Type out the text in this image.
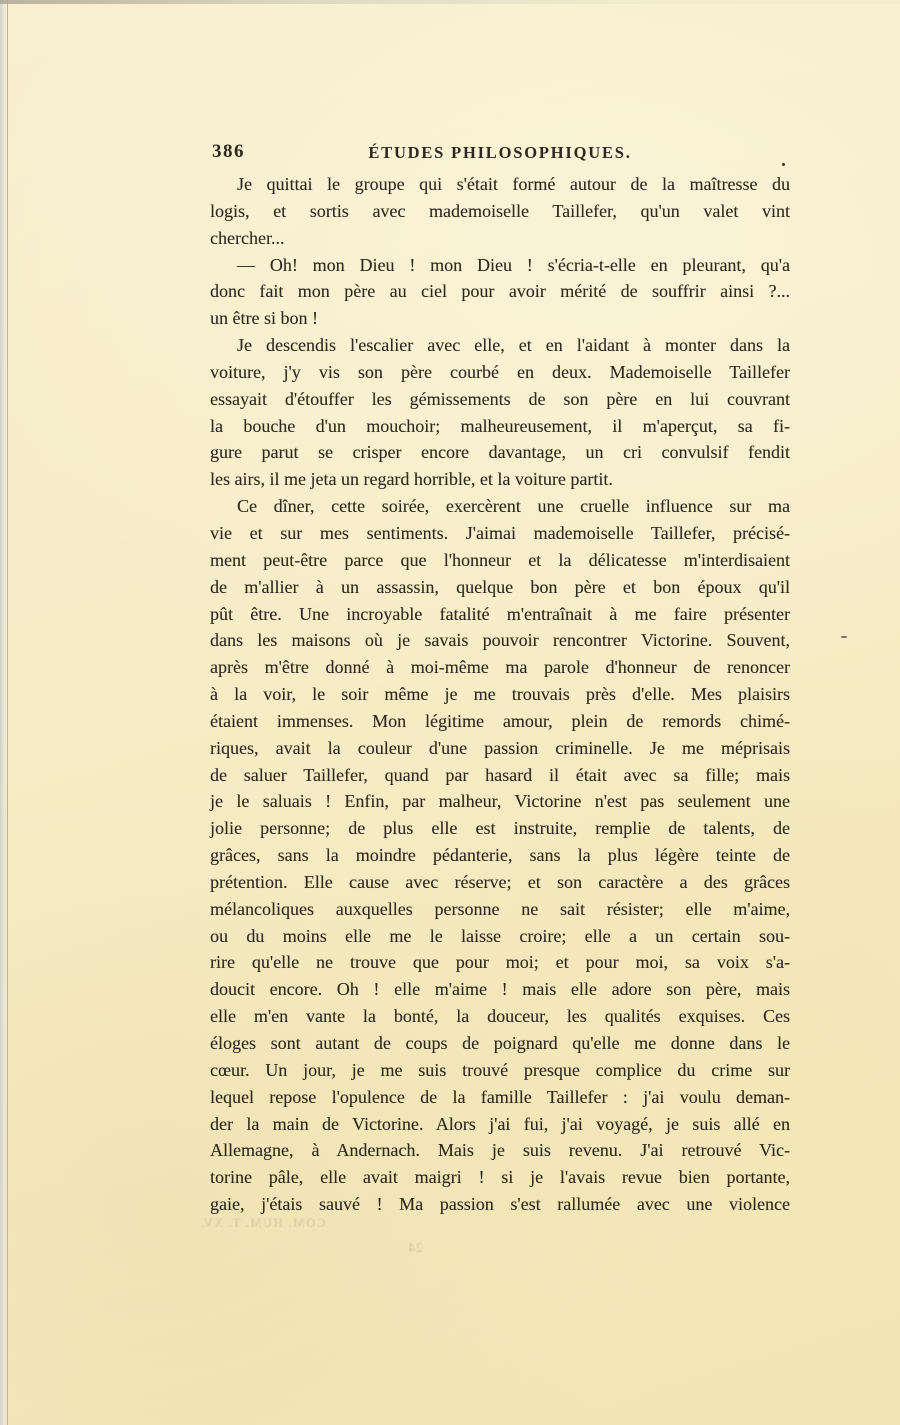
386	ÉTUDES PHILOSOPHIQUES.
Je quittai le groupe qui s'était formé autour de la maîtresse du
logis, et sortis avec mademoiselle Taillefer, qu'un valet vint
chercher...
— Oh! mon Dieu ! mon Dieu ! s'écria-t-elle en pleurant, qu'a
donc fait mon père au ciel pour avoir mérité de souffrir ainsi ?...
un être si bon !
Je descendis l'escalier avec elle, et en l'aidant à monter dans la
voiture, j'y vis son père courbé en deux. Mademoiselle Taillefer
essayait d'étouffer les gémissements de son père en lui couvrant
la bouche d'un mouchoir; malheureusement, il m'aperçut, sa fi-
gure parut se crisper encore davantage, un cri convulsif fendit
les airs, il me jeta un regard horrible, et la voiture partit.
Ce dîner, cette soirée, exercèrent une cruelle influence sur ma
vie et sur mes sentiments. J'aimai mademoiselle Taillefer, précisé-
ment peut-être parce que l'honneur et la délicatesse m'interdisaient
de m'allier à un assassin, quelque bon père et bon époux qu'il
pût être. Une incroyable fatalité m'entraînait à me faire présenter
dans les maisons où je savais pouvoir rencontrer Victorine. Souvent,
après m'être donné à moi-même ma parole d'honneur de renoncer
à la voir, le soir même je me trouvais près d'elle. Mes plaisirs
étaient immenses. Mon légitime amour, plein de remords chimé-
riques, avait la couleur d'une passion criminelle. Je me méprisais
de saluer Taillefer, quand par hasard il était avec sa fille; mais
je le saluais ! Enfin, par malheur, Victorine n'est pas seulement une
jolie personne; de plus elle est instruite, remplie de talents, de
grâces, sans la moindre pédanterie, sans la plus légère teinte de
prétention. Elle cause avec réserve; et son caractère a des grâces
mélancoliques auxquelles personne ne sait résister; elle m'aime,
ou du moins elle me le laisse croire; elle a un certain sou-
rire qu'elle ne trouve que pour moi; et pour moi, sa voix s'a-
doucit encore. Oh ! elle m'aime ! mais elle adore son père, mais
elle m'en vante la bonté, la douceur, les qualités exquises. Ces
éloges sont autant de coups de poignard qu'elle me donne dans le
cœur. Un jour, je me suis trouvé presque complice du crime sur
lequel repose l'opulence de la famille Taillefer : j'ai voulu deman-
der la main de Victorine. Alors j'ai fui, j'ai voyagé, je suis allé en
Allemagne, à Andernach. Mais je suis revenu. J'ai retrouvé Vic-
torine pâle, elle avait maigri ! si je l'avais revue bien portante,
gaie, j'étais sauvé ! Ma passion s'est rallumée avec une violence
COM. HUM. T. XV.
24
